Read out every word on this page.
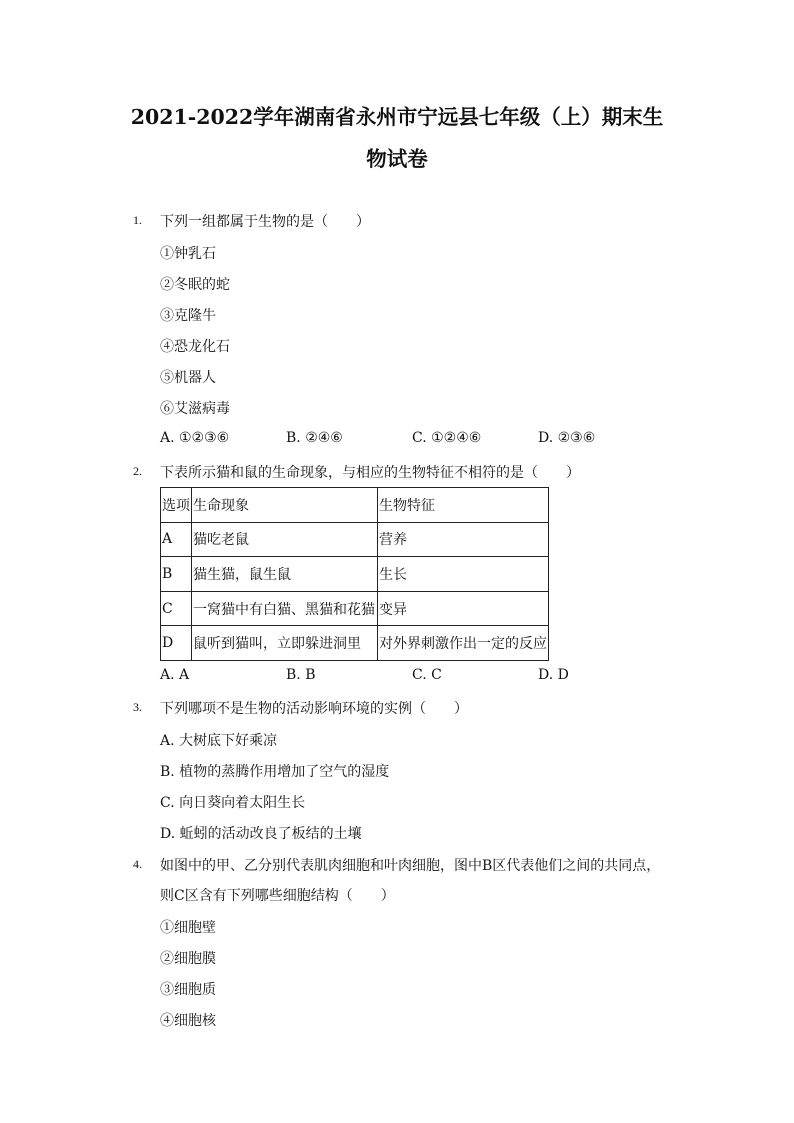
2021-2022学年湖南省永州市宁远县七年级（上）期末生
物试卷
1. 下列一组都属于生物的是（　　）
①钟乳石
②冬眠的蛇
③克隆牛
④恐龙化石
⑤机器人
⑥艾滋病毒
A. ①②③⑥	B. ②④⑥	C. ①②④⑥	D. ②③⑥
2. 下表所示猫和鼠的生命现象，与相应的生物特征不相符的是（　　）
选项	生命现象	生物特征
A	猫吃老鼠	营养
B	猫生猫，鼠生鼠	生长
C	一窝猫中有白猫、黑猫和花猫	变异
D	鼠听到猫叫，立即躲进洞里	对外界刺激作出一定的反应
A. A	B. B	C. C	D. D
3. 下列哪项不是生物的活动影响环境的实例（　　）
A. 大树底下好乘凉
B. 植物的蒸腾作用增加了空气的湿度
C. 向日葵向着太阳生长
D. 蚯蚓的活动改良了板结的土壤
4. 如图中的甲、乙分别代表肌肉细胞和叶肉细胞，图中B区代表他们之间的共同点，
则C区含有下列哪些细胞结构（　　）
①细胞壁
②细胞膜
③细胞质
④细胞核
